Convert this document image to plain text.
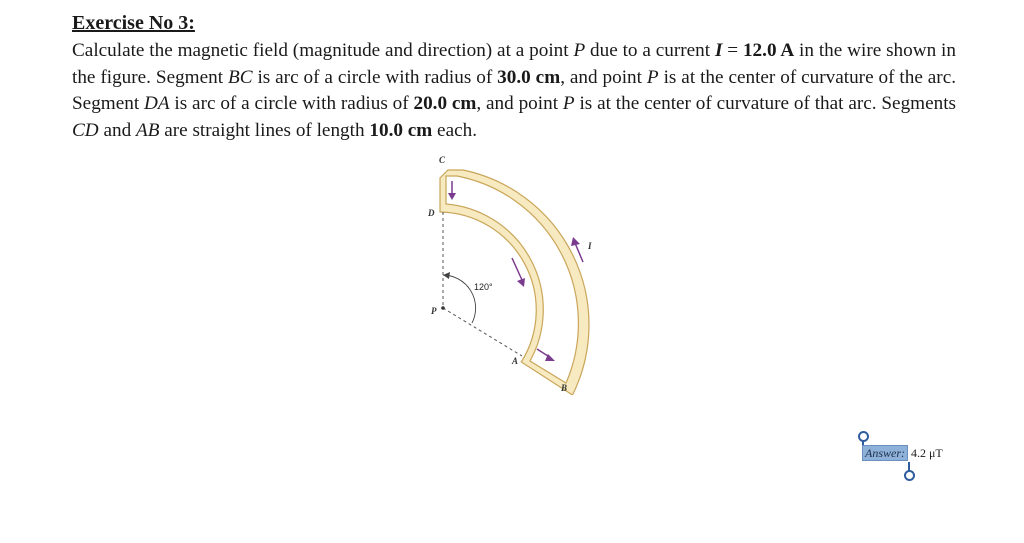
Exercise No 3:

Calculate the magnetic field (magnitude and direction) at a point P due to a current I = 12.0 A in the wire shown in the figure. Segment BC is arc of a circle with radius of 30.0 cm, and point P is at the center of curvature of the arc. Segment DA is arc of a circle with radius of 20.0 cm, and point P is at the center of curvature of that arc. Segments CD and AB are straight lines of length 10.0 cm each.

C
D
P
A
B
I
120°
Answer: 4.2 μT
